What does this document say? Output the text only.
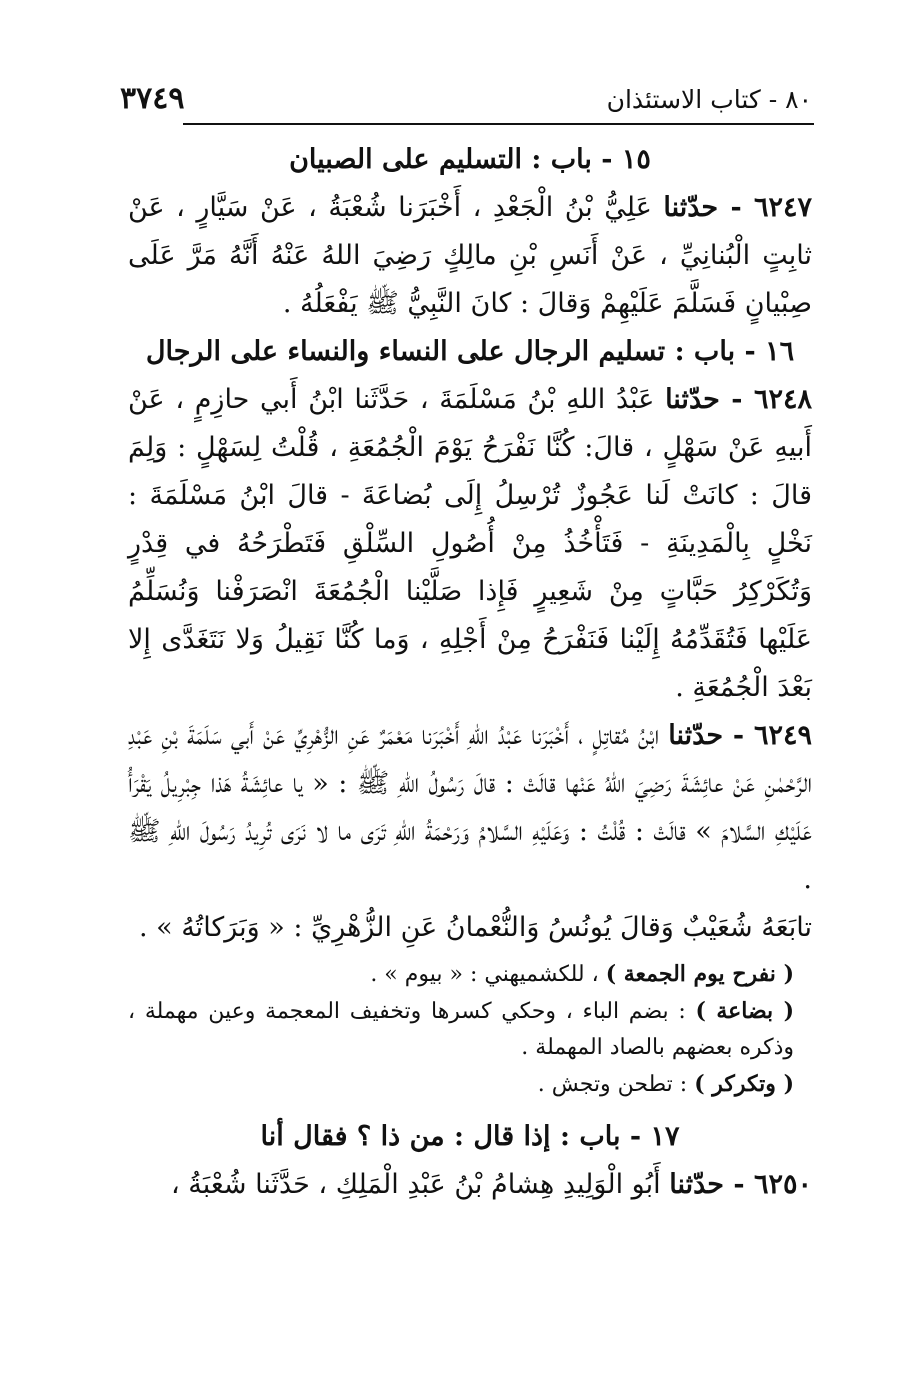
٨٠ - كتاب الاستئذان
٣٧٤٩

١٥ - باب : التسليم على الصبيان

٦٢٤٧ - حدّثنا عَلِيُّ بْنُ الْجَعْدِ ، أَخْبَرَنا شُعْبَةُ ، عَنْ سَيَّارٍ ، عَنْ ثابِتٍ الْبُنانِيِّ ، عَنْ أَنَسِ بْنِ مالِكٍ رَضِيَ اللهُ عَنْهُ أَنَّهُ مَرَّ عَلَى صِبْيانٍ فَسَلَّمَ عَلَيْهِمْ وَقالَ : كانَ النَّبِيُّ ﷺ يَفْعَلُهُ .

١٦ - باب : تسليم الرجال على النساء والنساء على الرجال

٦٢٤٨ - حدّثنا عَبْدُ اللهِ بْنُ مَسْلَمَةَ ، حَدَّثَنا ابْنُ أَبي حازِمٍ ، عَنْ أَبيهِ عَنْ سَهْلٍ ، قالَ: كُنَّا نَفْرَحُ يَوْمَ الْجُمُعَةِ ، قُلْتُ لِسَهْلٍ : وَلِمَ قالَ : كانَتْ لَنا عَجُوزٌ تُرْسِلُ إِلَى بُضاعَةَ - قالَ ابْنُ مَسْلَمَةَ : نَخْلٍ بِالْمَدِينَةِ - فَتَأْخُذُ مِنْ أُصُولِ السِّلْقِ فَتَطْرَحُهُ في قِدْرٍ وَتُكَرْكِرُ حَبَّاتٍ مِنْ شَعِيرٍ فَإِذا صَلَّيْنا الْجُمُعَةَ انْصَرَفْنا وَنُسَلِّمُ عَلَيْها فَتُقَدِّمُهُ إِلَيْنا فَنَفْرَحُ مِنْ أَجْلِهِ ، وَما كُنَّا نَقِيلُ وَلا نَتَغَدَّى إِلا بَعْدَ الْجُمُعَةِ .

٦٢٤٩ - حدّثنا ابْنُ مُقاتِلٍ ، أَخْبَرَنا عَبْدُ اللهِ أَخْبَرَنا مَعْمَرٌ عَنِ الزُّهْرِيِّ عَنْ أَبي سَلَمَةَ بْنِ عَبْدِ الرَّحْمٰنِ عَنْ عائِشَةَ رَضِيَ اللهُ عَنْها قالَتْ : قالَ رَسُولُ اللهِ ﷺ : « يا عائِشَةُ هَذا جِبْرِيلُ يَقْرَأُ عَلَيْكِ السَّلامَ » قالَتْ : قُلْتُ : وَعَلَيْهِ السَّلامُ وَرَحْمَةُ اللهِ تَرَى ما لا نَرَى تُرِيدُ رَسُولَ اللهِ ﷺ .

تابَعَهُ شُعَيْبٌ وَقالَ يُونُسُ وَالنُّعْمانُ عَنِ الزُّهْرِيِّ : « وَبَرَكاتُهُ » .

( نفرح يوم الجمعة ) ، للكشميهني : « بيوم » .

( بضاعة ) : بضم الباء ، وحكي كسرها وتخفيف المعجمة وعين مهملة ، وذكره بعضهم بالصاد المهملة .

( وتكركر ) : تطحن وتجش .

١٧ - باب : إذا قال : من ذا ؟ فقال أنا

٦٢٥٠ - حدّثنا أَبُو الْوَلِيدِ هِشامُ بْنُ عَبْدِ الْمَلِكِ ، حَدَّثَنا شُعْبَةُ ،
